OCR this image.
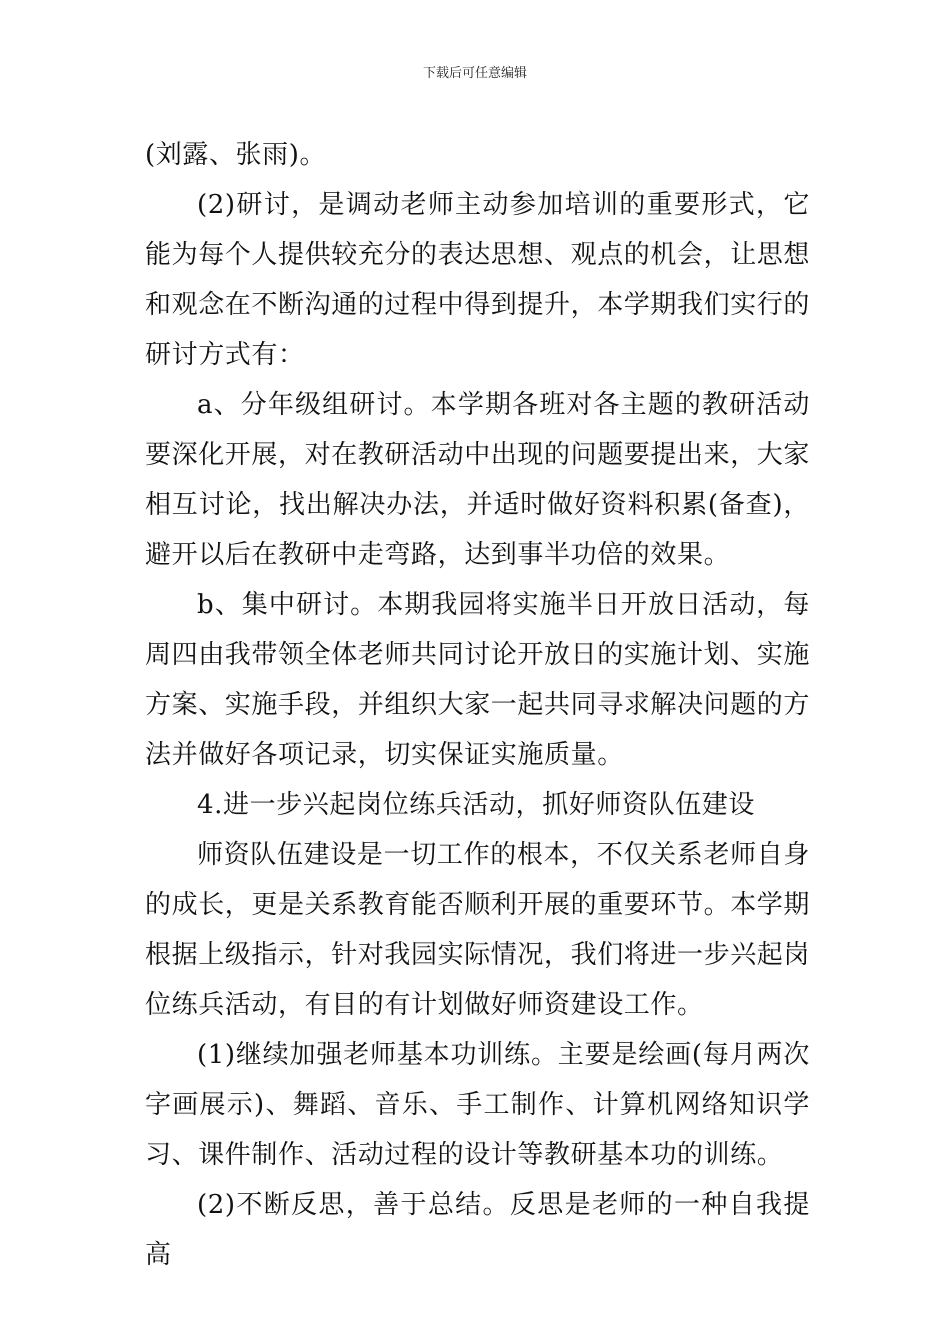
下载后可任意编辑

(刘露、张雨)。

(2)研讨，是调动老师主动参加培训的重要形式，它能为每个人提供较充分的表达思想、观点的机会，让思想和观念在不断沟通的过程中得到提升，本学期我们实行的研讨方式有：

a、分年级组研讨。本学期各班对各主题的教研活动要深化开展，对在教研活动中出现的问题要提出来，大家相互讨论，找出解决办法，并适时做好资料积累(备查)，避开以后在教研中走弯路，达到事半功倍的效果。

b、集中研讨。本期我园将实施半日开放日活动，每周四由我带领全体老师共同讨论开放日的实施计划、实施方案、实施手段，并组织大家一起共同寻求解决问题的方法并做好各项记录，切实保证实施质量。

4.进一步兴起岗位练兵活动，抓好师资队伍建设

师资队伍建设是一切工作的根本，不仅关系老师自身的成长，更是关系教育能否顺利开展的重要环节。本学期根据上级指示，针对我园实际情况，我们将进一步兴起岗位练兵活动，有目的有计划做好师资建设工作。

(1)继续加强老师基本功训练。主要是绘画(每月两次字画展示)、舞蹈、音乐、手工制作、计算机网络知识学习、课件制作、活动过程的设计等教研基本功的训练。

(2)不断反思，善于总结。反思是老师的一种自我提高
